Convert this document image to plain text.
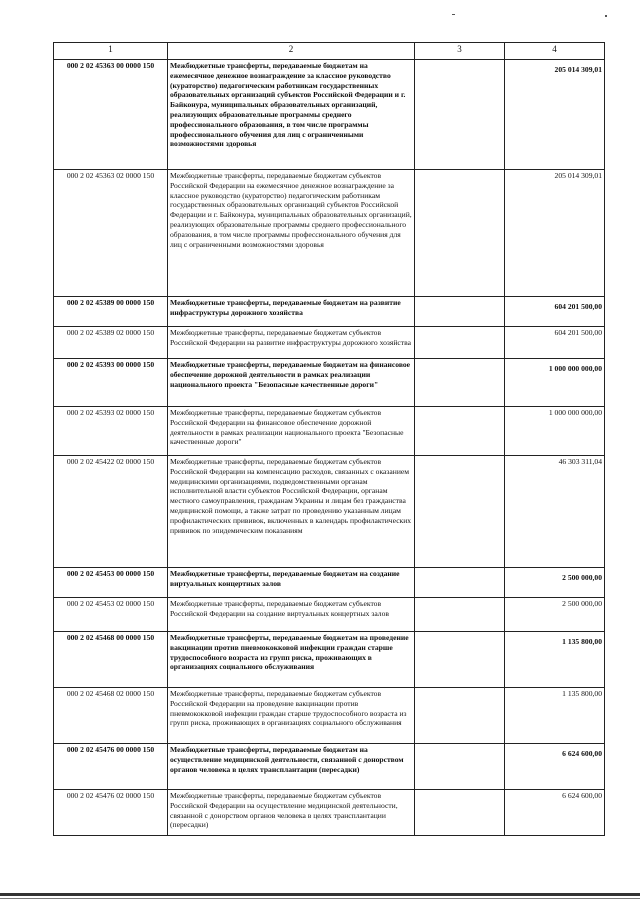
1	2	3	4
000 2 02 45363 00 0000 150	Межбюджетные трансферты, передаваемые бюджетам на ежемесячное денежное вознаграждение за классное руководство (кураторство) педагогическим работникам государственных образовательных организаций субъектов Российской Федерации и г. Байконура, муниципальных образовательных организаций, реализующих образовательные программы среднего профессионального образования, в том числе программы профессионального обучения для лиц с ограниченными возможностями здоровья		205 014 309,01
000 2 02 45363 02 0000 150	Межбюджетные трансферты, передаваемые бюджетам субъектов Российской Федерации на ежемесячное денежное вознаграждение за классное руководство (кураторство) педагогическим работникам государственных образовательных организаций субъектов Российской Федерации и г. Байконура, муниципальных образовательных организаций, реализующих образовательные программы среднего профессионального образования, в том числе программы профессионального обучения для лиц с ограниченными возможностями здоровья		205 014 309,01
000 2 02 45389 00 0000 150	Межбюджетные трансферты, передаваемые бюджетам на развитие инфраструктуры дорожного хозяйства		604 201 500,00
000 2 02 45389 02 0000 150	Межбюджетные трансферты, передаваемые бюджетам субъектов Российской Федерации на развитие инфраструктуры дорожного хозяйства		604 201 500,00
000 2 02 45393 00 0000 150	Межбюджетные трансферты, передаваемые бюджетам на финансовое обеспечение дорожной деятельности в рамках реализации национального проекта "Безопасные качественные дороги"		1 000 000 000,00
000 2 02 45393 02 0000 150	Межбюджетные трансферты, передаваемые бюджетам субъектов Российской Федерации на финансовое обеспечение дорожной деятельности в рамках реализации национального проекта "Безопасные качественные дороги"		1 000 000 000,00
000 2 02 45422 02 0000 150	Межбюджетные трансферты, передаваемые бюджетам субъектов Российской Федерации на компенсацию расходов, связанных с оказанием медицинскими организациями, подведомственными органам исполнительной власти субъектов Российской Федерации, органам местного самоуправления, гражданам Украины и лицам без гражданства медицинской помощи, а также затрат по проведению указанным лицам профилактических прививок, включенных в календарь профилактических прививок по эпидемическим показаниям		46 303 311,04
000 2 02 45453 00 0000 150	Межбюджетные трансферты, передаваемые бюджетам на создание виртуальных концертных залов		2 500 000,00
000 2 02 45453 02 0000 150	Межбюджетные трансферты, передаваемые бюджетам субъектов Российской Федерации на создание виртуальных концертных залов		2 500 000,00
000 2 02 45468 00 0000 150	Межбюджетные трансферты, передаваемые бюджетам на проведение вакцинации против пневмококковой инфекции граждан старше трудоспособного возраста из групп риска, проживающих в организациях социального обслуживания		1 135 800,00
000 2 02 45468 02 0000 150	Межбюджетные трансферты, передаваемые бюджетам субъектов Российской Федерации на проведение вакцинации против пневмококковой инфекции граждан старше трудоспособного возраста из групп риска, проживающих в организациях социального обслуживания		1 135 800,00
000 2 02 45476 00 0000 150	Межбюджетные трансферты, передаваемые бюджетам на осуществление медицинской деятельности, связанной с донорством органов человека в целях трансплантации (пересадки)		6 624 600,00
000 2 02 45476 02 0000 150	Межбюджетные трансферты, передаваемые бюджетам субъектов Российской Федерации на осуществление медицинской деятельности, связанной с донорством органов человека в целях трансплантации (пересадки)		6 624 600,00
